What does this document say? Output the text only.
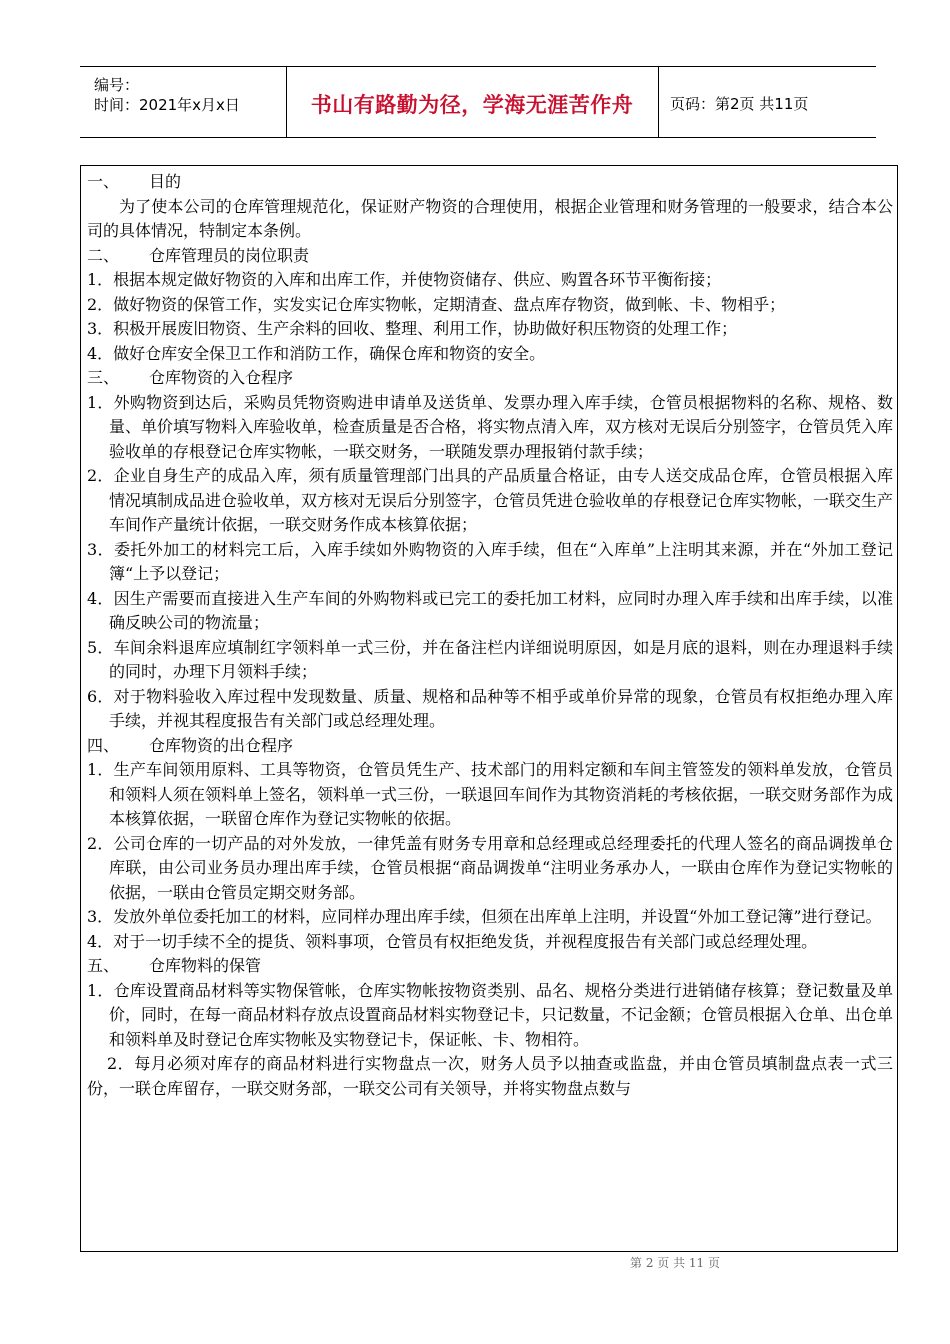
编号：
时间：2021年x月x日	书山有路勤为径，学海无涯苦作舟	页码：第2页 共11页
一、 目的

为了使本公司的仓库管理规范化，保证财产物资的合理使用，根据企业管理和财务管理的一般要求，结合本公司的具体情况，特制定本条例。

二、 仓库管理员的岗位职责

1．根据本规定做好物资的入库和出库工作，并使物资储存、供应、购置各环节平衡衔接；

2．做好物资的保管工作，实发实记仓库实物帐，定期清查、盘点库存物资，做到帐、卡、物相乎；

3．积极开展废旧物资、生产余料的回收、整理、利用工作，协助做好积压物资的处理工作；

4．做好仓库安全保卫工作和消防工作，确保仓库和物资的安全。

三、 仓库物资的入仓程序

1．外购物资到达后，采购员凭物资购进申请单及送货单、发票办理入库手续，仓管员根据物料的名称、规格、数量、单价填写物料入库验收单，检查质量是否合格，将实物点清入库，双方核对无误后分别签字，仓管员凭入库验收单的存根登记仓库实物帐，一联交财务，一联随发票办理报销付款手续；

2．企业自身生产的成品入库，须有质量管理部门出具的产品质量合格证，由专人送交成品仓库，仓管员根据入库情况填制成品进仓验收单，双方核对无误后分别签字，仓管员凭进仓验收单的存根登记仓库实物帐，一联交生产车间作产量统计依据，一联交财务作成本核算依据；

3．委托外加工的材料完工后，入库手续如外购物资的入库手续，但在“入库单”上注明其来源，并在“外加工登记簿“上予以登记；

4．因生产需要而直接进入生产车间的外购物料或已完工的委托加工材料，应同时办理入库手续和出库手续，以准确反映公司的物流量；

5．车间余料退库应填制红字领料单一式三份，并在备注栏内详细说明原因，如是月底的退料，则在办理退料手续的同时，办理下月领料手续；

6．对于物料验收入库过程中发现数量、质量、规格和品种等不相乎或单价异常的现象，仓管员有权拒绝办理入库手续，并视其程度报告有关部门或总经理处理。

四、 仓库物资的出仓程序

1．生产车间领用原料、工具等物资，仓管员凭生产、技术部门的用料定额和车间主管签发的领料单发放，仓管员和领料人须在领料单上签名，领料单一式三份，一联退回车间作为其物资消耗的考核依据，一联交财务部作为成本核算依据，一联留仓库作为登记实物帐的依据。

2．公司仓库的一切产品的对外发放，一律凭盖有财务专用章和总经理或总经理委托的代理人签名的商品调拨单仓库联，由公司业务员办理出库手续，仓管员根据“商品调拨单“注明业务承办人，一联由仓库作为登记实物帐的依据，一联由仓管员定期交财务部。

3．发放外单位委托加工的材料，应同样办理出库手续，但须在出库单上注明，并设置“外加工登记簿”进行登记。

4．对于一切手续不全的提货、领料事项，仓管员有权拒绝发货，并视程度报告有关部门或总经理处理。

五、 仓库物料的保管

1．仓库设置商品材料等实物保管帐，仓库实物帐按物资类别、品名、规格分类进行进销储存核算；登记数量及单价，同时，在每一商品材料存放点设置商品材料实物登记卡，只记数量，不记金额；仓管员根据入仓单、出仓单和领料单及时登记仓库实物帐及实物登记卡，保证帐、卡、物相符。

2．每月必须对库存的商品材料进行实物盘点一次，财务人员予以抽查或监盘，并由仓管员填制盘点表一式三份，一联仓库留存，一联交财务部，一联交公司有关领导，并将实物盘点数与

第 2 页 共 11 页
